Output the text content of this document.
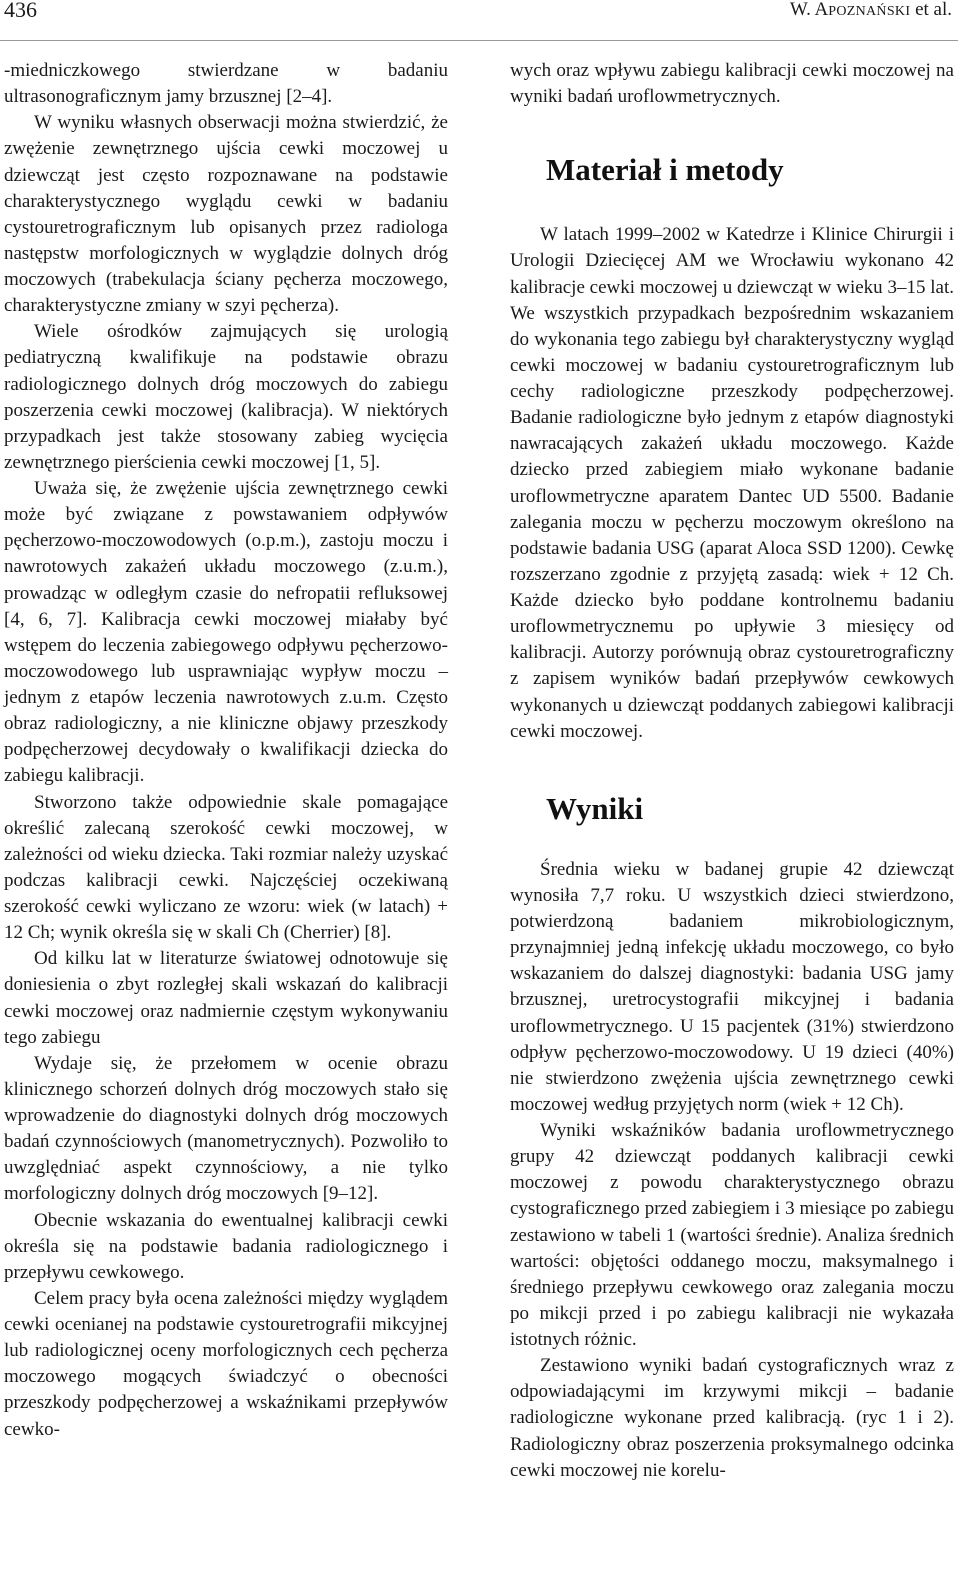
436	W. APOZNAŃSKI et al.

-miedniczkowego stwierdzane w badaniu ultrasonograficznym jamy brzusznej [2–4].

W wyniku własnych obserwacji można stwierdzić, że zwężenie zewnętrznego ujścia cewki moczowej u dziewcząt jest często rozpoznawane na podstawie charakterystycznego wyglądu cewki w badaniu cystouretrograficznym lub opisanych przez radiologa następstw morfologicznych w wyglądzie dolnych dróg moczowych (trabekulacja ściany pęcherza moczowego, charakterystyczne zmiany w szyi pęcherza).

Wiele ośrodków zajmujących się urologią pediatryczną kwalifikuje na podstawie obrazu radiologicznego dolnych dróg moczowych do zabiegu poszerzenia cewki moczowej (kalibracja). W niektórych przypadkach jest także stosowany zabieg wycięcia zewnętrznego pierścienia cewki moczowej [1, 5].

Uważa się, że zwężenie ujścia zewnętrznego cewki może być związane z powstawaniem odpływów pęcherzowo-moczowodowych (o.p.m.), zastoju moczu i nawrotowych zakażeń układu moczowego (z.u.m.), prowadząc w odległym czasie do nefropatii refluksowej [4, 6, 7]. Kalibracja cewki moczowej miałaby być wstępem do leczenia zabiegowego odpływu pęcherzowo-moczowodowego lub usprawniając wypływ moczu – jednym z etapów leczenia nawrotowych z.u.m. Często obraz radiologiczny, a nie kliniczne objawy przeszkody podpęcherzowej decydowały o kwalifikacji dziecka do zabiegu kalibracji.

Stworzono także odpowiednie skale pomagające określić zalecaną szerokość cewki moczowej, w zależności od wieku dziecka. Taki rozmiar należy uzyskać podczas kalibracji cewki. Najczęściej oczekiwaną szerokość cewki wyliczano ze wzoru: wiek (w latach) + 12 Ch; wynik określa się w skali Ch (Cherrier) [8].

Od kilku lat w literaturze światowej odnotowuje się doniesienia o zbyt rozległej skali wskazań do kalibracji cewki moczowej oraz nadmiernie częstym wykonywaniu tego zabiegu

Wydaje się, że przełomem w ocenie obrazu klinicznego schorzeń dolnych dróg moczowych stało się wprowadzenie do diagnostyki dolnych dróg moczowych badań czynnościowych (manometrycznych). Pozwoliło to uwzględniać aspekt czynnościowy, a nie tylko morfologiczny dolnych dróg moczowych [9–12].

Obecnie wskazania do ewentualnej kalibracji cewki określa się na podstawie badania radiologicznego i przepływu cewkowego.

Celem pracy była ocena zależności między wyglądem cewki ocenianej na podstawie cystouretrografii mikcyjnej lub radiologicznej oceny morfologicznych cech pęcherza moczowego mogących świadczyć o obecności przeszkody podpęcherzowej a wskaźnikami przepływów cewko-

wych oraz wpływu zabiegu kalibracji cewki moczowej na wyniki badań uroflowmetrycznych.

Materiał i metody

W latach 1999–2002 w Katedrze i Klinice Chirurgii i Urologii Dziecięcej AM we Wrocławiu wykonano 42 kalibracje cewki moczowej u dziewcząt w wieku 3–15 lat. We wszystkich przypadkach bezpośrednim wskazaniem do wykonania tego zabiegu był charakterystyczny wygląd cewki moczowej w badaniu cystouretrograficznym lub cechy radiologiczne przeszkody podpęcherzowej. Badanie radiologiczne było jednym z etapów diagnostyki nawracających zakażeń układu moczowego. Każde dziecko przed zabiegiem miało wykonane badanie uroflowmetryczne aparatem Dantec UD 5500. Badanie zalegania moczu w pęcherzu moczowym określono na podstawie badania USG (aparat Aloca SSD 1200). Cewkę rozszerzano zgodnie z przyjętą zasadą: wiek + 12 Ch. Każde dziecko było poddane kontrolnemu badaniu uroflowmetrycznemu po upływie 3 miesięcy od kalibracji. Autorzy porównują obraz cystouretrograficzny z zapisem wyników badań przepływów cewkowych wykonanych u dziewcząt poddanych zabiegowi kalibracji cewki moczowej.

Wyniki

Średnia wieku w badanej grupie 42 dziewcząt wynosiła 7,7 roku. U wszystkich dzieci stwierdzono, potwierdzoną badaniem mikrobiologicznym, przynajmniej jedną infekcję układu moczowego, co było wskazaniem do dalszej diagnostyki: badania USG jamy brzusznej, uretrocystografii mikcyjnej i badania uroflowmetrycznego. U 15 pacjentek (31%) stwierdzono odpływ pęcherzowo-moczowodowy. U 19 dzieci (40%) nie stwierdzono zwężenia ujścia zewnętrznego cewki moczowej według przyjętych norm (wiek + 12 Ch).

Wyniki wskaźników badania uroflowmetrycznego grupy 42 dziewcząt poddanych kalibracji cewki moczowej z powodu charakterystycznego obrazu cystograficznego przed zabiegiem i 3 miesiące po zabiegu zestawiono w tabeli 1 (wartości średnie). Analiza średnich wartości: objętości oddanego moczu, maksymalnego i średniego przepływu cewkowego oraz zalegania moczu po mikcji przed i po zabiegu kalibracji nie wykazała istotnych różnic.

Zestawiono wyniki badań cystograficznych wraz z odpowiadającymi im krzywymi mikcji – badanie radiologiczne wykonane przed kalibracją. (ryc 1 i 2). Radiologiczny obraz poszerzenia proksymalnego odcinka cewki moczowej nie korelu-
